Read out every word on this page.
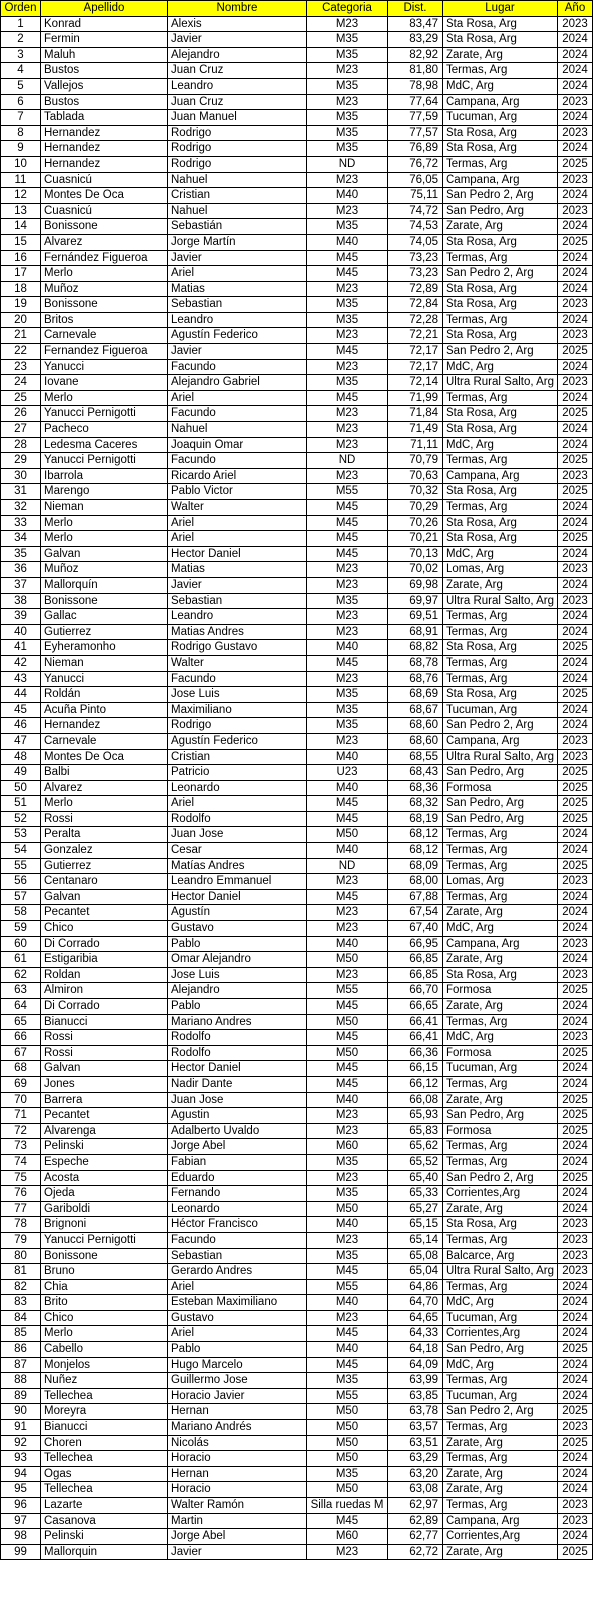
Orden	Apellido	Nombre	Categoria	Dist.	Lugar	Año
1	Konrad	Alexis	M23	83,47	Sta Rosa, Arg	2023
2	Fermin	Javier	M35	83,29	Sta Rosa, Arg	2024
3	Maluh	Alejandro	M35	82,92	Zarate, Arg	2024
4	Bustos	Juan Cruz	M23	81,80	Termas, Arg	2024
5	Vallejos	Leandro	M35	78,98	MdC, Arg	2024
6	Bustos	Juan Cruz	M23	77,64	Campana, Arg	2023
7	Tablada	Juan Manuel	M35	77,59	Tucuman, Arg	2024
8	Hernandez	Rodrigo	M35	77,57	Sta Rosa, Arg	2023
9	Hernandez	Rodrigo	M35	76,89	Sta Rosa, Arg	2024
10	Hernandez	Rodrigo	ND	76,72	Termas, Arg	2025
11	Cuasnicú	Nahuel	M23	76,05	Campana, Arg	2023
12	Montes De Oca	Cristian	M40	75,11	San Pedro 2, Arg	2024
13	Cuasnicú	Nahuel	M23	74,72	San Pedro, Arg	2023
14	Bonissone	Sebastián	M35	74,53	Zarate, Arg	2024
15	Alvarez	Jorge Martín	M40	74,05	Sta Rosa, Arg	2025
16	Fernández Figueroa	Javier	M45	73,23	Termas, Arg	2024
17	Merlo	Ariel	M45	73,23	San Pedro 2, Arg	2024
18	Muñoz	Matias	M23	72,89	Sta Rosa, Arg	2024
19	Bonissone	Sebastian	M35	72,84	Sta Rosa, Arg	2023
20	Britos	Leandro	M35	72,28	Termas, Arg	2024
21	Carnevale	Agustín Federico	M23	72,21	Sta Rosa, Arg	2023
22	Fernandez Figueroa	Javier	M45	72,17	San Pedro 2, Arg	2025
23	Yanucci	Facundo	M23	72,17	MdC, Arg	2024
24	Iovane	Alejandro Gabriel	M35	72,14	Ultra Rural Salto, Arg	2023
25	Merlo	Ariel	M45	71,99	Termas, Arg	2024
26	Yanucci Pernigotti	Facundo	M23	71,84	Sta Rosa, Arg	2025
27	Pacheco	Nahuel	M23	71,49	Sta Rosa, Arg	2024
28	Ledesma Caceres	Joaquin Omar	M23	71,11	MdC, Arg	2024
29	Yanucci Pernigotti	Facundo	ND	70,79	Termas, Arg	2025
30	Ibarrola	Ricardo Ariel	M23	70,63	Campana, Arg	2023
31	Marengo	Pablo Victor	M55	70,32	Sta Rosa, Arg	2025
32	Nieman	Walter	M45	70,29	Termas, Arg	2024
33	Merlo	Ariel	M45	70,26	Sta Rosa, Arg	2024
34	Merlo	Ariel	M45	70,21	Sta Rosa, Arg	2025
35	Galvan	Hector Daniel	M45	70,13	MdC, Arg	2024
36	Muñoz	Matias	M23	70,02	Lomas, Arg	2023
37	Mallorquín	Javier	M23	69,98	Zarate, Arg	2024
38	Bonissone	Sebastian	M35	69,97	Ultra Rural Salto, Arg	2023
39	Gallac	Leandro	M23	69,51	Termas, Arg	2024
40	Gutierrez	Matias Andres	M23	68,91	Termas, Arg	2024
41	Eyheramonho	Rodrigo Gustavo	M40	68,82	Sta Rosa, Arg	2025
42	Nieman	Walter	M45	68,78	Termas, Arg	2024
43	Yanucci	Facundo	M23	68,76	Termas, Arg	2024
44	Roldán	Jose Luis	M35	68,69	Sta Rosa, Arg	2025
45	Acuña Pinto	Maximiliano	M35	68,67	Tucuman, Arg	2024
46	Hernandez	Rodrigo	M35	68,60	San Pedro 2, Arg	2024
47	Carnevale	Agustín Federico	M23	68,60	Campana, Arg	2023
48	Montes De Oca	Cristian	M40	68,55	Ultra Rural Salto, Arg	2023
49	Balbi	Patricio	U23	68,43	San Pedro, Arg	2025
50	Alvarez	Leonardo	M40	68,36	Formosa	2025
51	Merlo	Ariel	M45	68,32	San Pedro, Arg	2025
52	Rossi	Rodolfo	M45	68,19	San Pedro, Arg	2025
53	Peralta	Juan Jose	M50	68,12	Termas, Arg	2024
54	Gonzalez	Cesar	M40	68,12	Termas, Arg	2024
55	Gutierrez	Matías Andres	ND	68,09	Termas, Arg	2025
56	Centanaro	Leandro Emmanuel	M23	68,00	Lomas, Arg	2023
57	Galvan	Hector Daniel	M45	67,88	Termas, Arg	2024
58	Pecantet	Agustín	M23	67,54	Zarate, Arg	2024
59	Chico	Gustavo	M23	67,40	MdC, Arg	2024
60	Di Corrado	Pablo	M40	66,95	Campana, Arg	2023
61	Estigaribia	Omar Alejandro	M50	66,85	Zarate, Arg	2024
62	Roldan	Jose Luis	M23	66,85	Sta Rosa, Arg	2023
63	Almiron	Alejandro	M55	66,70	Formosa	2025
64	Di Corrado	Pablo	M45	66,65	Zarate, Arg	2024
65	Bianucci	Mariano Andres	M50	66,41	Termas, Arg	2024
66	Rossi	Rodolfo	M45	66,41	MdC, Arg	2023
67	Rossi	Rodolfo	M50	66,36	Formosa	2025
68	Galvan	Hector Daniel	M45	66,15	Tucuman, Arg	2024
69	Jones	Nadir Dante	M45	66,12	Termas, Arg	2024
70	Barrera	Juan Jose	M40	66,08	Zarate, Arg	2025
71	Pecantet	Agustin	M23	65,93	San Pedro, Arg	2025
72	Alvarenga	Adalberto Uvaldo	M23	65,83	Formosa	2025
73	Pelinski	Jorge Abel	M60	65,62	Termas, Arg	2024
74	Espeche	Fabian	M35	65,52	Termas, Arg	2024
75	Acosta	Eduardo	M23	65,40	San Pedro 2, Arg	2025
76	Ojeda	Fernando	M35	65,33	Corrientes,Arg	2024
77	Gariboldi	Leonardo	M50	65,27	Zarate, Arg	2024
78	Brignoni	Héctor Francisco	M40	65,15	Sta Rosa, Arg	2023
79	Yanucci Pernigotti	Facundo	M23	65,14	Termas, Arg	2023
80	Bonissone	Sebastian	M35	65,08	Balcarce, Arg	2023
81	Bruno	Gerardo Andres	M45	65,04	Ultra Rural Salto, Arg	2023
82	Chia	Ariel	M55	64,86	Termas, Arg	2024
83	Brito	Esteban Maximiliano	M40	64,70	MdC, Arg	2024
84	Chico	Gustavo	M23	64,65	Tucuman, Arg	2024
85	Merlo	Ariel	M45	64,33	Corrientes,Arg	2024
86	Cabello	Pablo	M40	64,18	San Pedro, Arg	2025
87	Monjelos	Hugo Marcelo	M45	64,09	MdC, Arg	2024
88	Nuñez	Guillermo Jose	M35	63,99	Termas, Arg	2024
89	Tellechea	Horacio Javier	M55	63,85	Tucuman, Arg	2024
90	Moreyra	Hernan	M50	63,78	San Pedro 2, Arg	2025
91	Bianucci	Mariano Andrés	M50	63,57	Termas, Arg	2023
92	Choren	Nicolás	M50	63,51	Zarate, Arg	2025
93	Tellechea	Horacio	M50	63,29	Termas, Arg	2024
94	Ogas	Hernan	M35	63,20	Zarate, Arg	2024
95	Tellechea	Horacio	M50	63,08	Zarate, Arg	2024
96	Lazarte	Walter Ramón	Silla ruedas M	62,97	Termas, Arg	2023
97	Casanova	Martin	M45	62,89	Campana, Arg	2023
98	Pelinski	Jorge Abel	M60	62,77	Corrientes,Arg	2024
99	Mallorquin	Javier	M23	62,72	Zarate, Arg	2025
